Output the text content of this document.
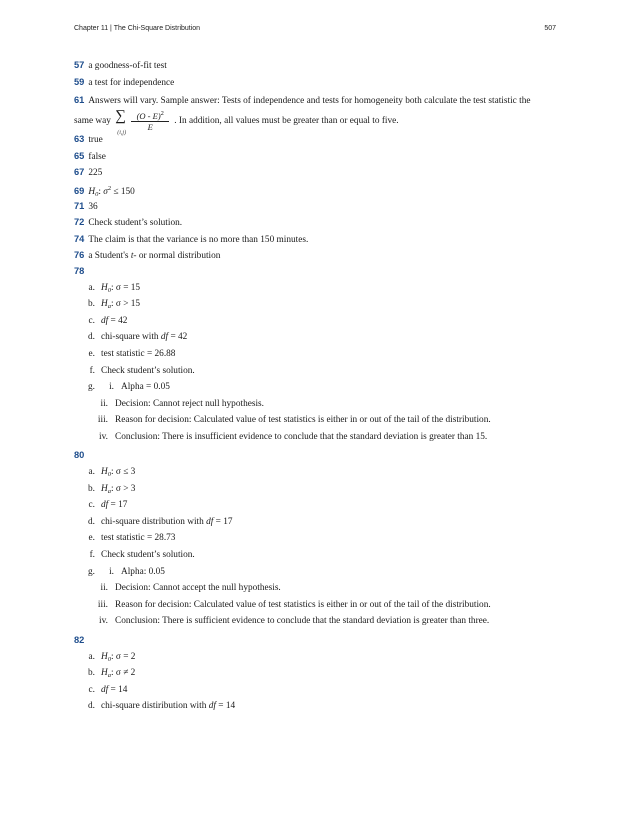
Chapter 11 | The Chi-Square Distribution	507
57 a goodness-of-fit test
59 a test for independence
61 Answers will vary. Sample answer: Tests of independence and tests for homogeneity both calculate the test statistic the
same way ∑
(i,j)
$\frac{(O - E)^2}{E}$ . In addition, all values must be greater than or equal to five.
63 true
65 false
67 225
69 $H_0$: $\sigma^2 \le 150$
71 36
72 Check student’s solution.
74 The claim is that the variance is no more than 150 minutes.
76 a Student's t- or normal distribution
78
a. $H_0$: σ = 15
b. $H_a$: σ > 15
c. df = 42
d. chi-square with df = 42
e. test statistic = 26.88
f. Check student’s solution.
g. i. Alpha = 0.05
ii. Decision: Cannot reject null hypothesis.
iii. Reason for decision: Calculated value of test statistics is either in or out of the tail of the distribution.
iv. Conclusion: There is insufficient evidence to conclude that the standard deviation is greater than 15.
80
a. $H_0$: σ ≤ 3
b. $H_a$: σ > 3
c. df = 17
d. chi-square distribution with df = 17
e. test statistic = 28.73
f. Check student’s solution.
g. i. Alpha: 0.05
ii. Decision: Cannot accept the null hypothesis.
iii. Reason for decision: Calculated value of test statistics is either in or out of the tail of the distribution.
iv. Conclusion: There is sufficient evidence to conclude that the standard deviation is greater than three.
82
a. $H_0$: σ = 2
b. $H_a$: σ ≠ 2
c. df = 14
d. chi-square distiribution with df = 14
